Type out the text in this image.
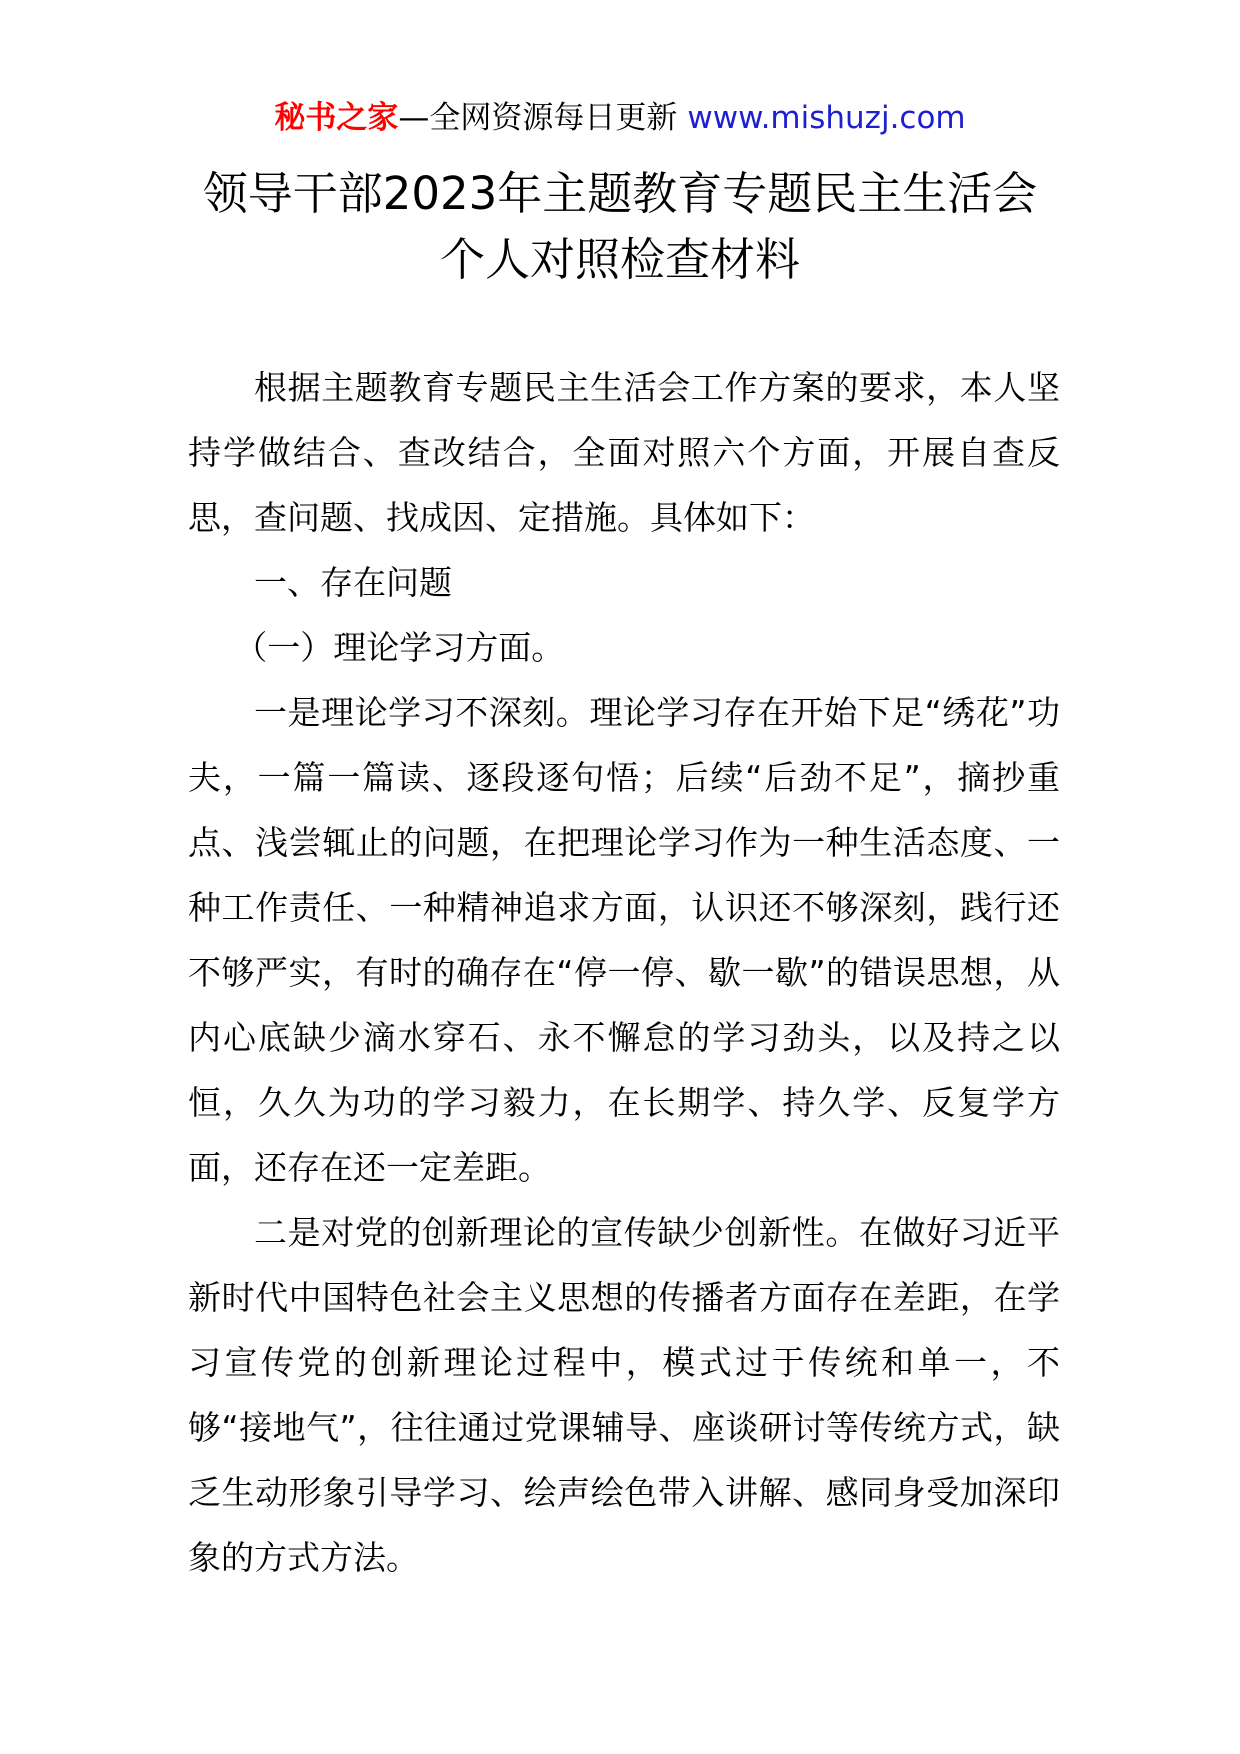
秘书之家—全网资源每日更新 www.mishuzj.com
领导干部2023年主题教育专题民主生活会
个人对照检查材料

根据主题教育专题民主生活会工作方案的要求，本人坚持学做结合、查改结合，全面对照六个方面，开展自查反思，查问题、找成因、定措施。具体如下：

一、存在问题

（一）理论学习方面。

一是理论学习不深刻。理论学习存在开始下足“绣花”功夫，一篇一篇读、逐段逐句悟；后续“后劲不足”，摘抄重点、浅尝辄止的问题，在把理论学习作为一种生活态度、一种工作责任、一种精神追求方面，认识还不够深刻，践行还不够严实，有时的确存在“停一停、歇一歇”的错误思想，从内心底缺少滴水穿石、永不懈怠的学习劲头，以及持之以恒，久久为功的学习毅力，在长期学、持久学、反复学方面，还存在还一定差距。

二是对党的创新理论的宣传缺少创新性。在做好习近平新时代中国特色社会主义思想的传播者方面存在差距，在学习宣传党的创新理论过程中，模式过于传统和单一，不够“接地气”，往往通过党课辅导、座谈研讨等传统方式，缺乏生动形象引导学习、绘声绘色带入讲解、感同身受加深印象的方式方法。
